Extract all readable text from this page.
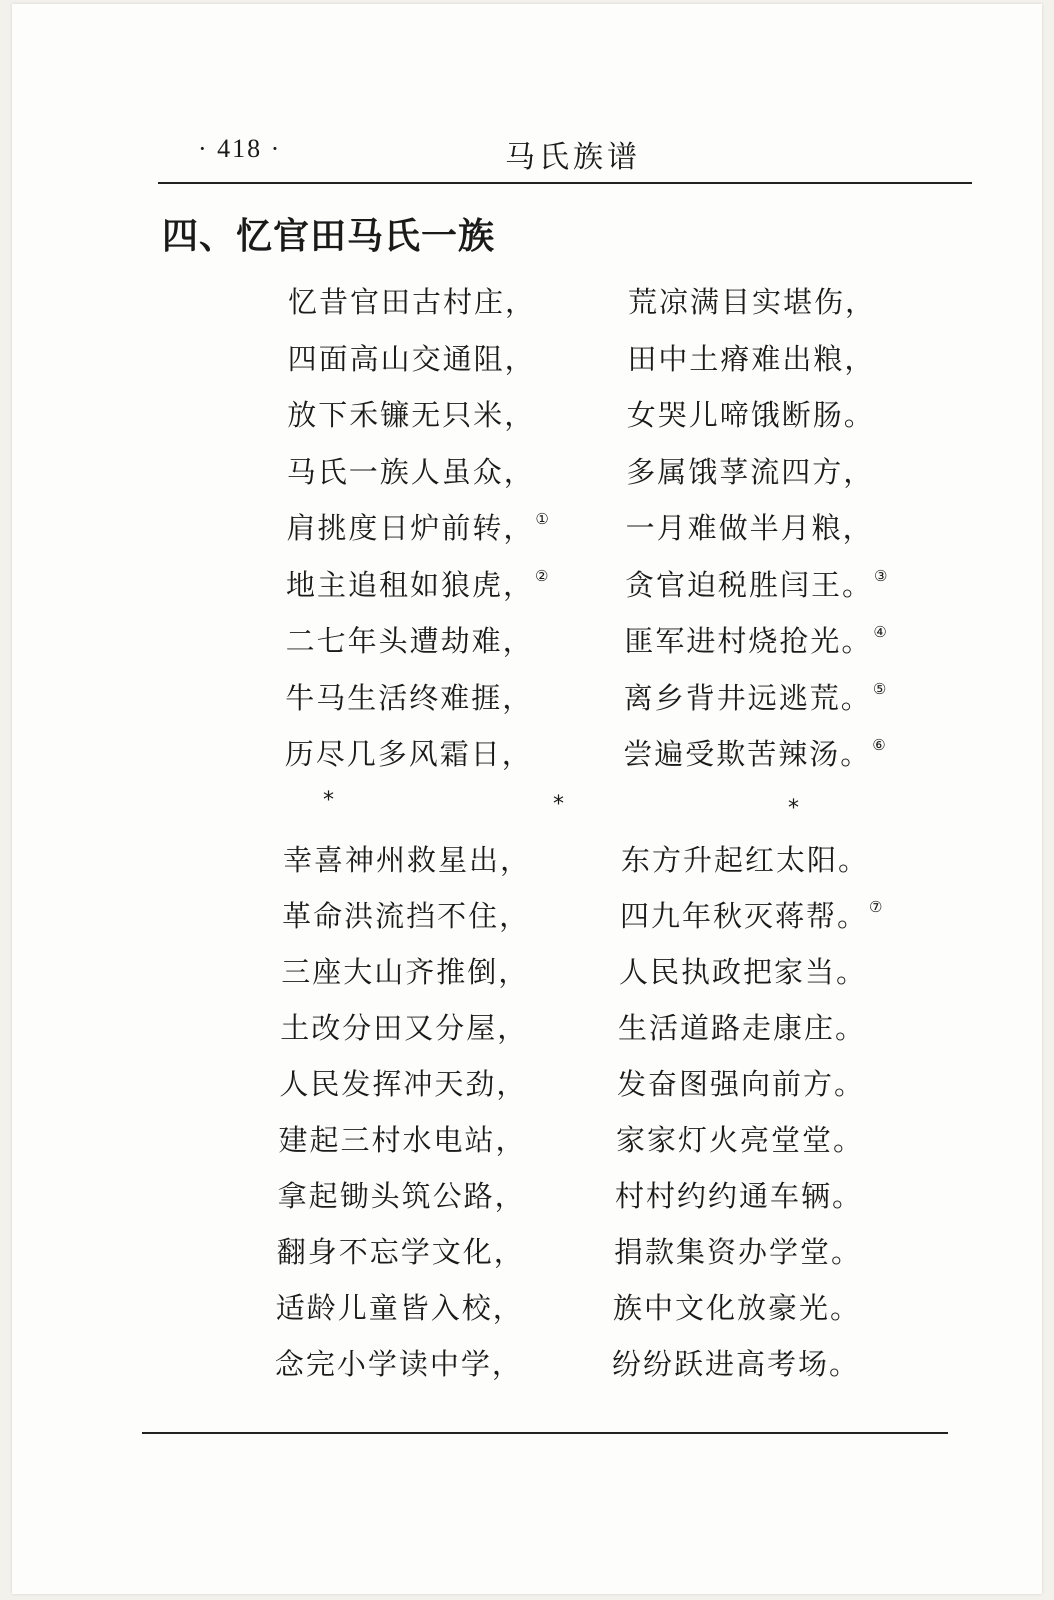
· 418 ·	马氏族谱
四、忆官田马氏一族
忆昔官田古村庄，	荒凉满目实堪伤，
四面高山交通阻，	田中土瘠难出粮，
放下禾镰无只米，	女哭儿啼饿断肠。
马氏一族人虽众，	多属饿莩流四方，
肩挑度日炉前转，①	一月难做半月粮，
地主追租如狼虎，②	贪官迫税胜闫王。③
二七年头遭劫难，	匪军进村烧抢光。④
牛马生活终难捱，	离乡背井远逃荒。⑤
历尽几多风霜日，	尝遍受欺苦辣汤。⑥
*	*	*
幸喜神州救星出，	东方升起红太阳。
革命洪流挡不住，	四九年秋灭蒋帮。⑦
三座大山齐推倒，	人民执政把家当。
土改分田又分屋，	生活道路走康庄。
人民发挥冲天劲，	发奋图强向前方。
建起三村水电站，	家家灯火亮堂堂。
拿起锄头筑公路，	村村约约通车辆。
翻身不忘学文化，	捐款集资办学堂。
适龄儿童皆入校，	族中文化放豪光。
念完小学读中学，	纷纷跃进高考场。
